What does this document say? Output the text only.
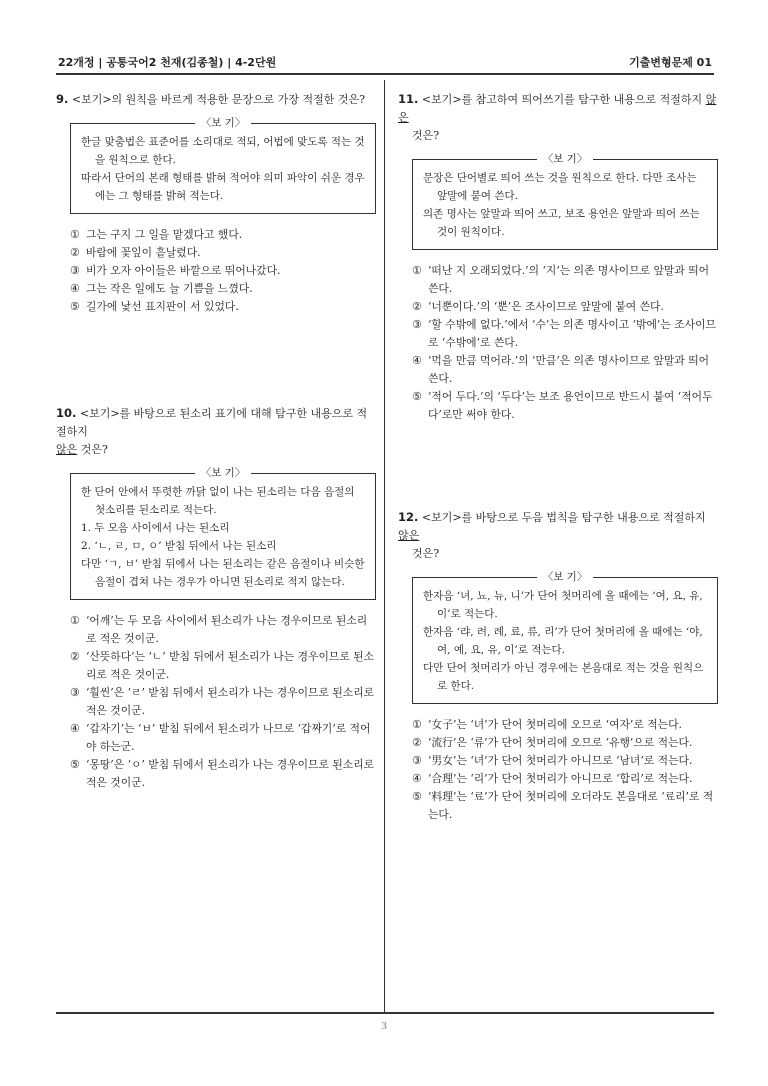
22개정 | 공통국어2 천재(김종철) | 4-2단원	기출변형문제 01

9. <보기>의 원칙을 바르게 적용한 문장으로 가장 적절한 것은?

〈보 기〉

한글 맞춤법은 표준어를 소리대로 적되, 어법에 맞도록 적는 것을 원칙으로 한다.

따라서 단어의 본래 형태를 밝혀 적어야 의미 파악이 쉬운 경우에는 그 형태를 밝혀 적는다.

① 그는 구지 그 일을 맡겠다고 했다.
② 바람에 꽃잎이 흩날렸다.
③ 비가 오자 아이들은 바깥으로 뛰어나갔다.
④ 그는 작은 일에도 늘 기쁨을 느꼈다.
⑤ 길가에 낯선 표지판이 서 있었다.

10. <보기>를 바탕으로 된소리 표기에 대해 탐구한 내용으로 적절하지
않은 것은?

〈보 기〉

한 단어 안에서 뚜렷한 까닭 없이 나는 된소리는 다음 음절의 첫소리를 된소리로 적는다.

1. 두 모음 사이에서 나는 된소리

2. ‘ㄴ, ㄹ, ㅁ, ㅇ’ 받침 뒤에서 나는 된소리

다만 ‘ㄱ, ㅂ’ 받침 뒤에서 나는 된소리는 같은 음절이나 비슷한 음절이 겹쳐 나는 경우가 아니면 된소리로 적지 않는다.

① ‘어깨’는 두 모음 사이에서 된소리가 나는 경우이므로 된소리로 적은 것이군.
② ‘산뜻하다’는 ‘ㄴ’ 받침 뒤에서 된소리가 나는 경우이므로 된소리로 적은 것이군.
③ ‘훨씬’은 ‘ㄹ’ 받침 뒤에서 된소리가 나는 경우이므로 된소리로 적은 것이군.
④ ‘갑자기’는 ‘ㅂ’ 받침 뒤에서 된소리가 나므로 ‘갑짜기’로 적어야 하는군.
⑤ ‘몽땅’은 ‘ㅇ’ 받침 뒤에서 된소리가 나는 경우이므로 된소리로 적은 것이군.

11. <보기>를 참고하여 띄어쓰기를 탐구한 내용으로 적절하지 않은
것은?

〈보 기〉

문장은 단어별로 띄어 쓰는 것을 원칙으로 한다. 다만 조사는 앞말에 붙여 쓴다.

의존 명사는 앞말과 띄어 쓰고, 보조 용언은 앞말과 띄어 쓰는 것이 원칙이다.

① ‘떠난 지 오래되었다.’의 ‘지’는 의존 명사이므로 앞말과 띄어 쓴다.
② ‘너뿐이다.’의 ‘뿐’은 조사이므로 앞말에 붙여 쓴다.
③ ‘할 수밖에 없다.’에서 ‘수’는 의존 명사이고 ‘밖에’는 조사이므로 ‘수밖에’로 쓴다.
④ ‘먹을 만큼 먹어라.’의 ‘만큼’은 의존 명사이므로 앞말과 띄어 쓴다.
⑤ ‘적어 두다.’의 ‘두다’는 보조 용언이므로 반드시 붙여 ‘적어두다’로만 써야 한다.

12. <보기>를 바탕으로 두음 법칙을 탐구한 내용으로 적절하지 않은
것은?

〈보 기〉

한자음 ‘녀, 뇨, 뉴, 니’가 단어 첫머리에 올 때에는 ‘여, 요, 유, 이’로 적는다.

한자음 ‘랴, 려, 례, 료, 류, 리’가 단어 첫머리에 올 때에는 ‘야, 여, 예, 요, 유, 이’로 적는다.

다만 단어 첫머리가 아닌 경우에는 본음대로 적는 것을 원칙으로 한다.

① ‘女子’는 ‘녀’가 단어 첫머리에 오므로 ‘여자’로 적는다.
② ‘流行’은 ‘류’가 단어 첫머리에 오므로 ‘유행’으로 적는다.
③ ‘男女’는 ‘녀’가 단어 첫머리가 아니므로 ‘남녀’로 적는다.
④ ‘合理’는 ‘리’가 단어 첫머리가 아니므로 ‘합리’로 적는다.
⑤ ‘料理’는 ‘료’가 단어 첫머리에 오더라도 본음대로 ‘료리’로 적는다.
3
